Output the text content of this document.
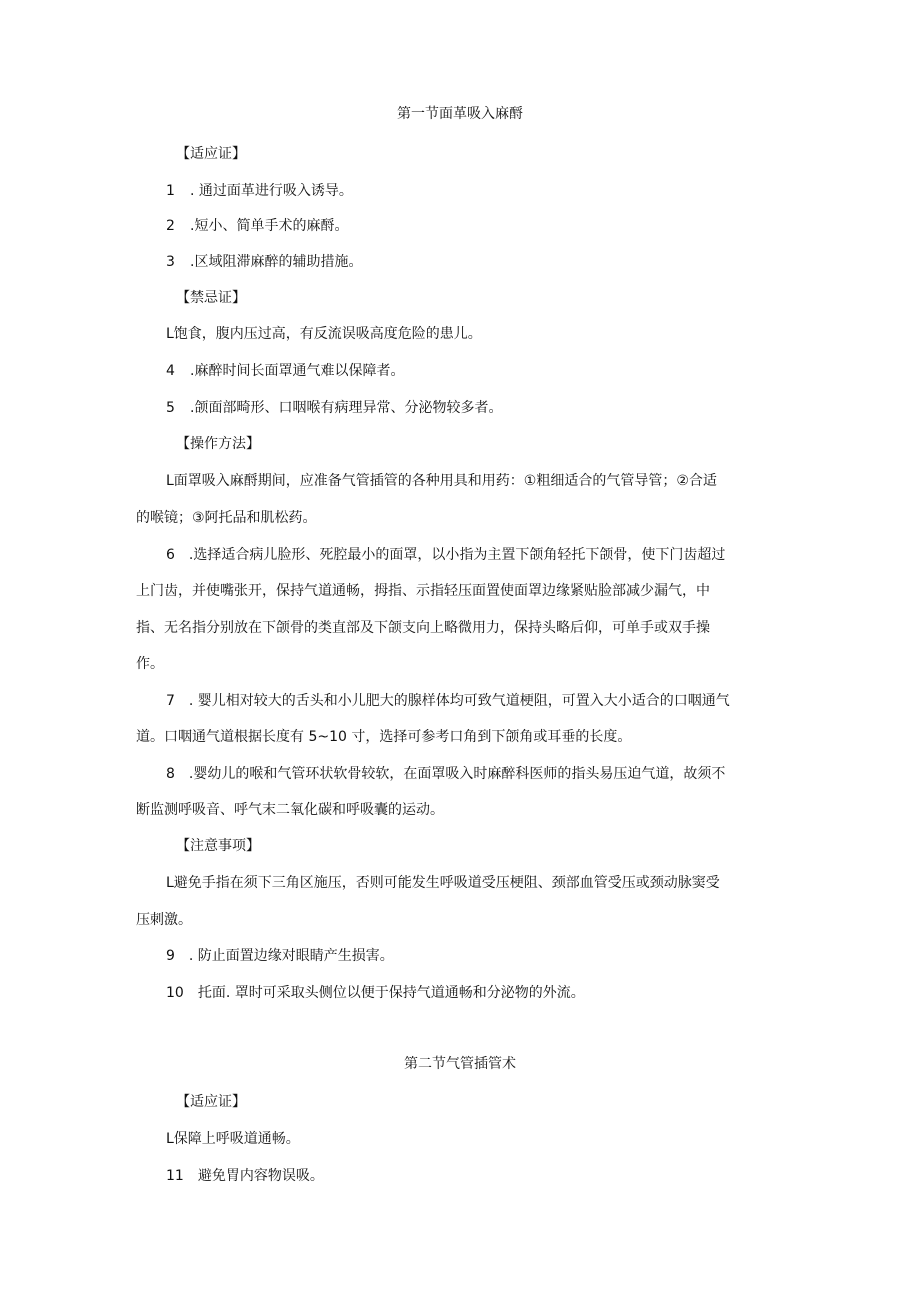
第一节面革吸入麻酹
【适应证】
1 . 通过面革进行吸入诱导。
2 .短小、简单手术的麻酹。
3 .区域阻滞麻醉的辅助措施。
【禁忌证】
L饱食，腹内压过高，有反流误吸高度危险的患儿。
4 .麻醉时间长面罩通气难以保障者。
5 .颌面部畸形、口咽喉有病理异常、分泌物较多者。
【操作方法】
L面罩吸入麻酹期间，应准备气管插管的各种用具和用药：①粗细适合的气管导管；②合适
的喉镜；③阿托品和肌松药。
6　.选择适合病儿脸形、死腔最小的面罩，以小指为主置下颌角轻托下颌骨，使下门齿超过
上门齿，并使嘴张开，保持气道通畅，拇指、示指轻压面置使面罩边缘紧贴脸部减少漏气，中
指、无名指分别放在下颌骨的类直部及下颌支向上略微用力，保持头略后仰，可单手或双手操
作。
7　. 婴儿相对较大的舌头和小儿肥大的腺样体均可致气道梗阻，可置入大小适合的口咽通气
道。口咽通气道根据长度有 5~10 寸，选择可参考口角到下颌角或耳垂的长度。
8　.婴幼儿的喉和气管环状软骨较软，在面罩吸入时麻醉科医师的指头易压迫气道，故须不
断监测呼吸音、呼气末二氧化碳和呼吸囊的运动。
【注意事项】
L避免手指在须下三角区施压，否则可能发生呼吸道受压梗阻、颈部血管受压或颈动脉窦受
压刺激。
9　. 防止面置边缘对眼睛产生损害。
10　托面. 罩时可采取头侧位以便于保持气道通畅和分泌物的外流。
第二节气管插管术
【适应证】
L保障上呼吸道通畅。
11　避免胃内容物误吸。
